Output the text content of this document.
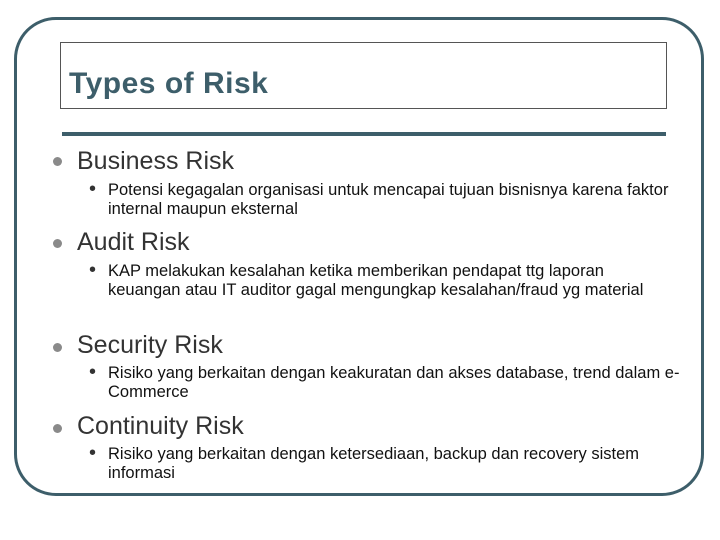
Types of Risk
Business Risk
• Potensi kegagalan organisasi untuk mencapai tujuan bisnisnya karena faktor internal maupun eksternal
Audit Risk
• KAP melakukan kesalahan ketika memberikan pendapat ttg laporan keuangan atau IT auditor gagal mengungkap kesalahan/fraud yg material
Security Risk
• Risiko yang berkaitan dengan keakuratan dan akses database, trend dalam e-Commerce
Continuity Risk
• Risiko yang berkaitan dengan ketersediaan, backup dan recovery sistem informasi
